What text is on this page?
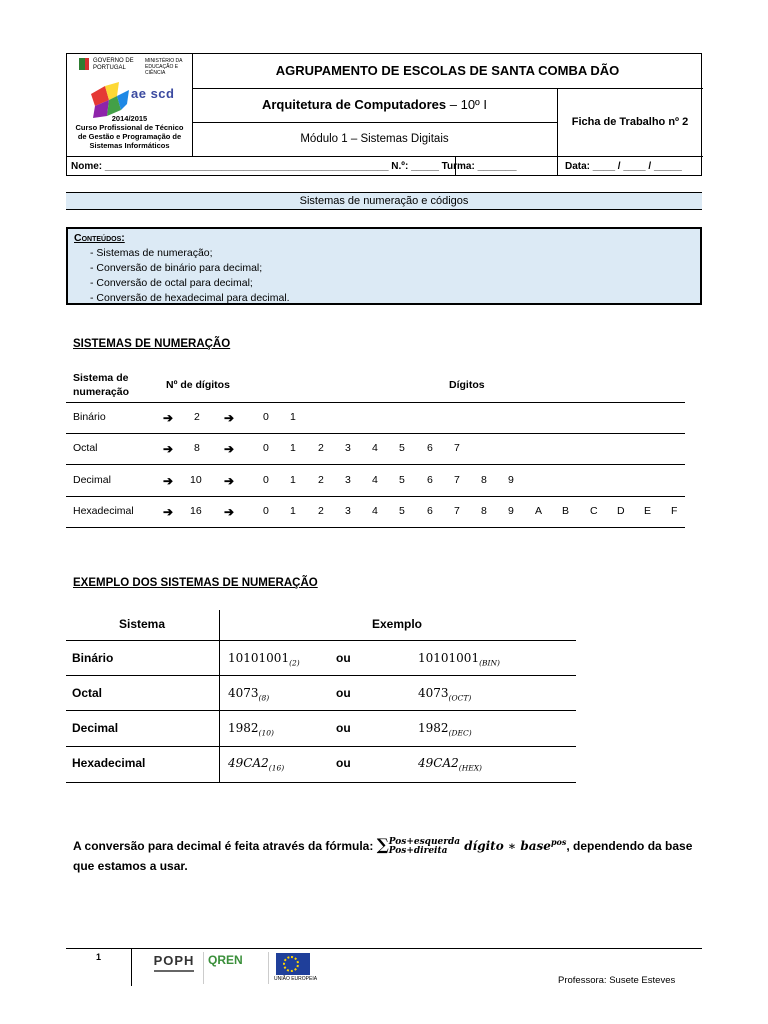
GOVERNO DE PORTUGAL
MINISTÉRIO DA EDUCAÇÃO E CIÊNCIA
ae scd
2014/2015
Curso Profissional de Técnico
de Gestão e Programação de
Sistemas Informáticos
AGRUPAMENTO DE ESCOLAS DE SANTA COMBA DÃO
Arquitetura de Computadores – 10º I
Módulo 1 – Sistemas Digitais
Ficha de Trabalho nº 2
Nome: ___________________________________________________ N.º: _____ Turma: _______	Data: ____ / ____ / _____
Sistemas de numeração e códigos
Conteúdos:
- Sistemas de numeração;
- Conversão de binário para decimal;
- Conversão de octal para decimal;
- Conversão de hexadecimal para decimal.
SISTEMAS DE NUMERAÇÃO
Sistema de
numeração
Nº de dígitos	Dígitos
Binário	➔ 2 ➔	0 1
Octal	➔ 8 ➔	0 1 2 3 4 5 6 7
Decimal	➔ 10 ➔	0 1 2 3 4 5 6 7 8 9
Hexadecimal ➔ 16 ➔	0 1 2 3 4 5 6 7 8 9 A B C D E F
EXEMPLO DOS SISTEMAS DE NUMERAÇÃO
Sistema	Exemplo
Binário	$10101001_{(2)}$	ou	$10101001_{(BIN)}$
Octal	$4073_{(8)}$	ou	$4073_{(OCT)}$
Decimal	$1982_{(10)}$	ou	$1982_{(DEC)}$
Hexadecimal	$49CA2_{(16)}$	ou	$49CA2_{(HEX)}$
A conversão para decimal é feita através da fórmula: ∑ Pos+esquerda
Pos+direita	dígito ∗ base$^{pos}$, dependendo da base que estamos a usar.
1	POPH	QREN
UNIÃO EUROPEIA	Professora: Susete Esteves
